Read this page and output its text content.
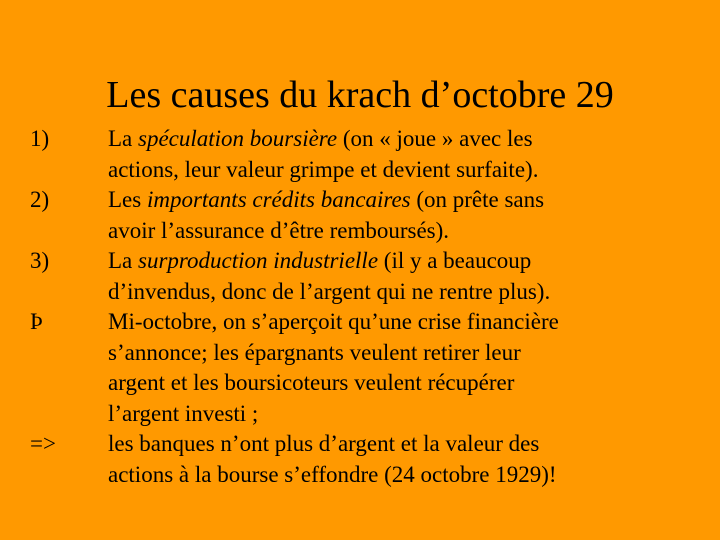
Les causes du krach d’octobre 29
1)	La spéculation boursière (on « joue » avec les
actions, leur valeur grimpe et devient surfaite).
2)	Les importants crédits bancaires (on prête sans
avoir l’assurance d’être remboursés).
3)	La surproduction industrielle (il y a beaucoup
d’invendus, donc de l’argent qui ne rentre plus).
Þ	Mi-octobre, on s’aperçoit qu’une crise financière
s’annonce; les épargnants veulent retirer leur
argent et les boursicoteurs veulent récupérer
l’argent investi ;
=> les banques n’ont plus d’argent et la valeur des
actions à la bourse s’effondre (24 octobre 1929)!
